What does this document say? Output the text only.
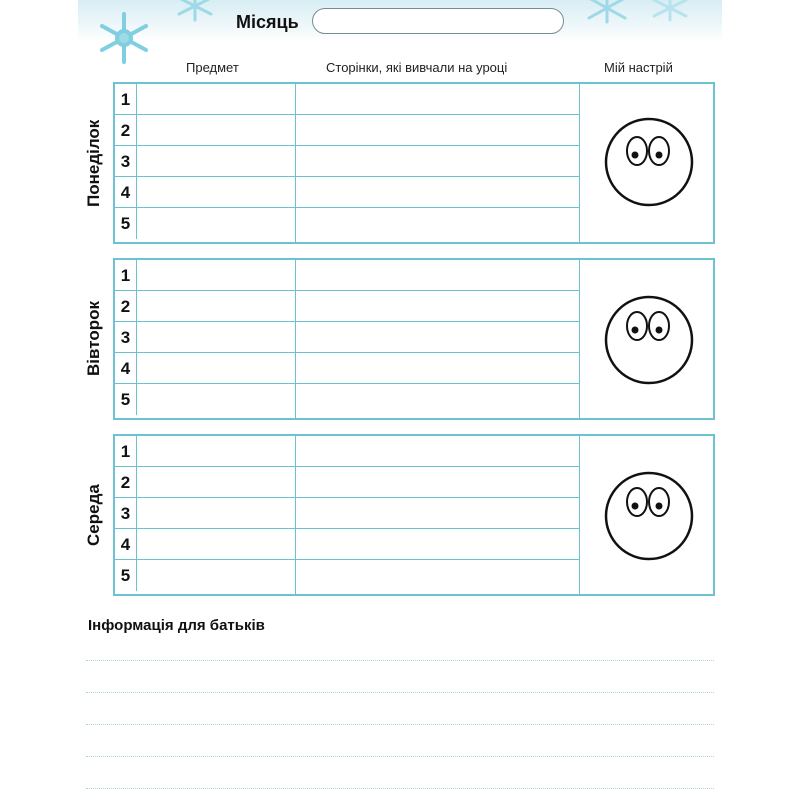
Місяць
Предмет	Сторінки, які вивчали на уроці	Мій настрій
Понеділок
1
2
3
4
5
Вівторок
1
2
3
4
5
Середа
1
2
3
4
5
Інформація для батьків
